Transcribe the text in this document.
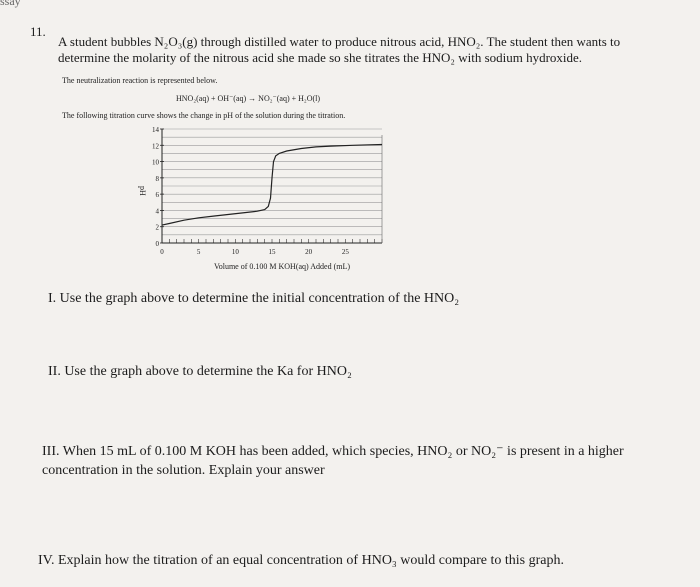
ssay
11.
A student bubbles N₂O₃(g) through distilled water to produce nitrous acid, HNO₂. The student then wants to
determine the molarity of the nitrous acid she made so she titrates the HNO₂ with sodium hydroxide.
The neutralization reaction is represented below.
HNO₂(aq) + OH⁻(aq) → NO₂⁻(aq) + H₂O(l)
The following titration curve shows the change in pH of the solution during the titration.
0
2
4
6
8
10
12
14
0	5	10	15	20	25
pH
Volume of 0.100 M KOH(aq) Added (mL)
I. Use the graph above to determine the initial concentration of the HNO₂
II. Use the graph above to determine the Ka for HNO₂
III. When 15 mL of 0.100 M KOH has been added, which species, HNO₂ or NO₂⁻ is present in a higher
concentration in the solution. Explain your answer
IV. Explain how the titration of an equal concentration of HNO₃ would compare to this graph.
